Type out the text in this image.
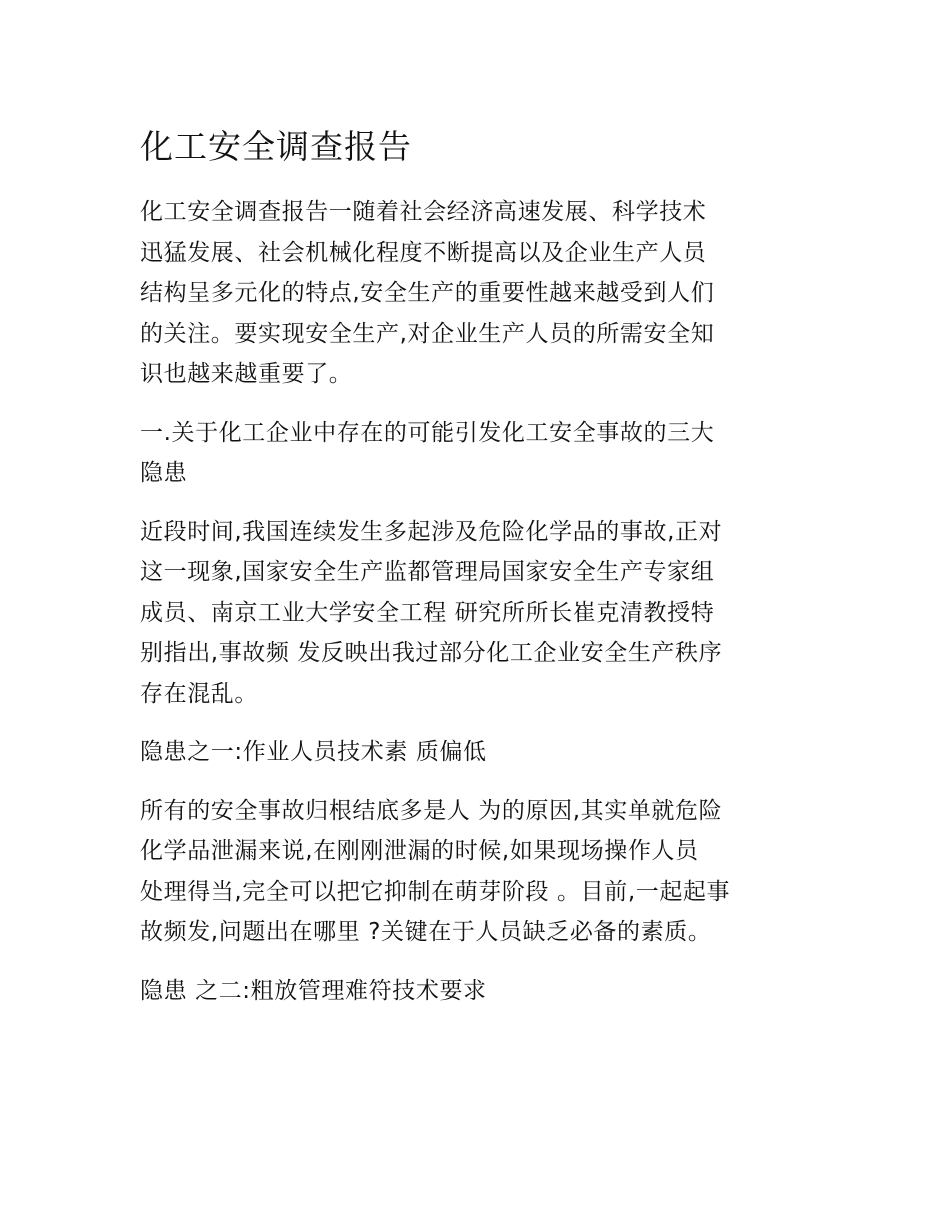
化工安全调查报告
化工安全调查报告一随着社会经济高速发展、科学技术
迅猛发展、社会机械化程度不断提高以及企业生产人员
结构呈多元化的特点,安全生产的重要性越来越受到人们
的关注。要实现安全生产,对企业生产人员的所需安全知
识也越来越重要了。
一.关于化工企业中存在的可能引发化工安全事故的三大
隐患
近段时间,我国连续发生多起涉及危险化学品的事故,正对
这一现象,国家安全生产监都管理局国家安全生产专家组
成员、南京工业大学安全工程 研究所所长崔克清教授特
别指出,事故频 发反映出我过部分化工企业安全生产秩序
存在混乱。
隐患之一:作业人员技术素 质偏低
所有的安全事故归根结底多是人 为的原因,其实单就危险
化学品泄漏来说,在刚刚泄漏的时候,如果现场操作人员
处理得当,完全可以把它抑制在萌芽阶段 。目前,一起起事
故频发,问题出在哪里 ?关键在于人员缺乏必备的素质。
隐患 之二:粗放管理难符技术要求
